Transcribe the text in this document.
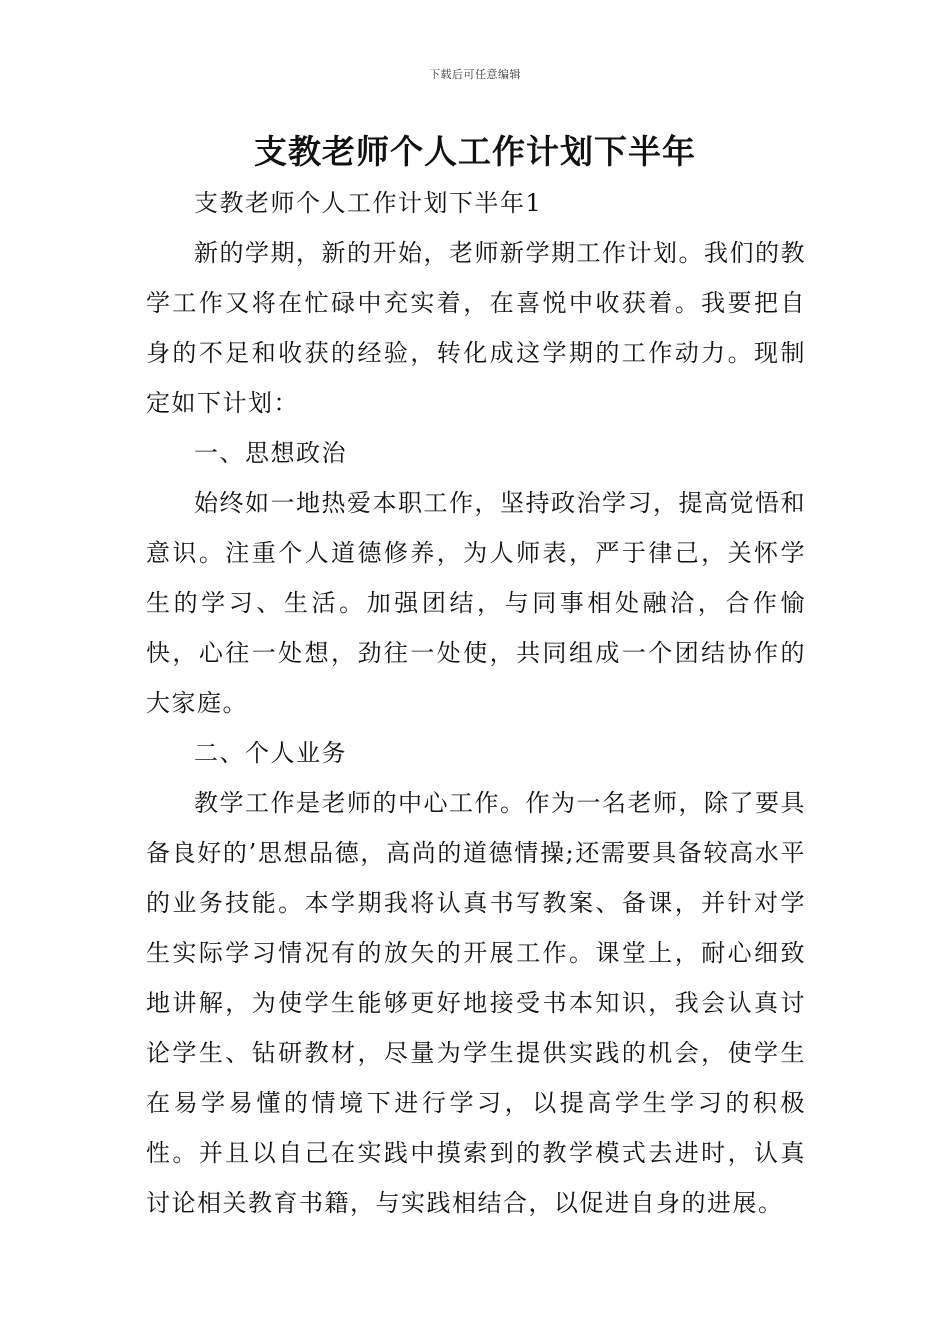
下载后可任意编辑
支教老师个人工作计划下半年

支教老师个人工作计划下半年1

新的学期，新的开始，老师新学期工作计划。我们的教学工作又将在忙碌中充实着，在喜悦中收获着。我要把自身的不足和收获的经验，转化成这学期的工作动力。现制定如下计划：

一、思想政治

始终如一地热爱本职工作，坚持政治学习，提高觉悟和意识。注重个人道德修养，为人师表，严于律己，关怀学生的学习、生活。加强团结，与同事相处融洽，合作愉快，心往一处想，劲往一处使，共同组成一个团结协作的大家庭。

二、个人业务

教学工作是老师的中心工作。作为一名老师，除了要具备良好的’思想品德，高尚的道德情操;还需要具备较高水平的业务技能。本学期我将认真书写教案、备课，并针对学生实际学习情况有的放矢的开展工作。课堂上，耐心细致地讲解，为使学生能够更好地接受书本知识，我会认真讨论学生、钻研教材，尽量为学生提供实践的机会，使学生在易学易懂的情境下进行学习，以提高学生学习的积极性。并且以自己在实践中摸索到的教学模式去进时，认真讨论相关教育书籍，与实践相结合，以促进自身的进展。
